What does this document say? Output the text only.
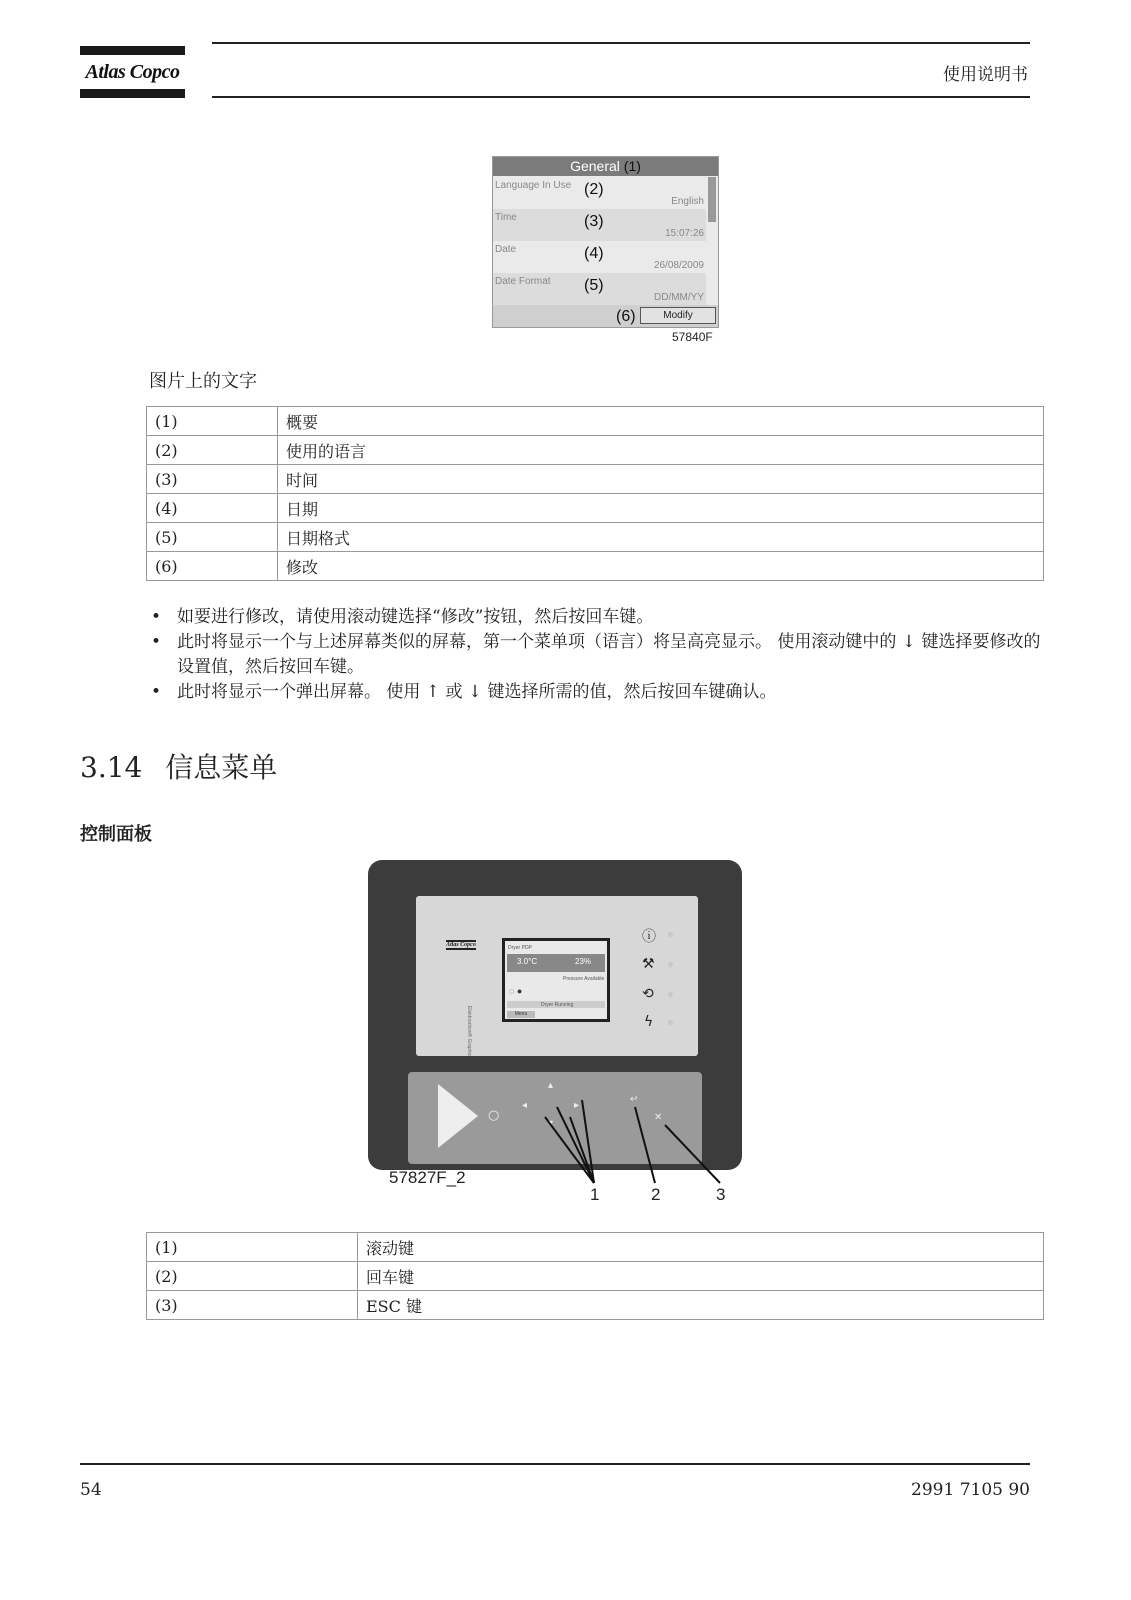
Atlas Copco	使用说明书
General (1)
Language In Use (2)
English
Time	(3)
15:07:26
Date	(4)
26/08/2009
Date Format (5)
DD/MM/YY
(6)	Modify
57840F
图片上的文字
(1)	概要
(2)	使用的语言
(3)	时间
(4)	日期
(5)	日期格式
(6)	修改
• 如要进行修改，请使用滚动键选择“修改”按钮，然后按回车键。
• 此时将显示一个与上述屏幕类似的屏幕，第一个菜单项（语言）将呈高亮显示。 使用滚动键中的 ↓ 键选择要修改的设置值，然后按回车键。
• 此时将显示一个弹出屏幕。 使用 ↑ 或 ↓ 键选择所需的值，然后按回车键确认。
3.14 信息菜单
控制面板
Atlas Copco
Elektronikon® Graphic
Dryer PDP
3.0°C	23%
Pressure Available
◌ ●
Dryer Running
Menu
ⓘ
⚒
⟲
ϟ
○
◂
▴
▸
▾
↵
✕
57827F_2
1	2	3
(1)	滚动键
(2)	回车键
(3)	ESC 键
54	2991 7105 90
